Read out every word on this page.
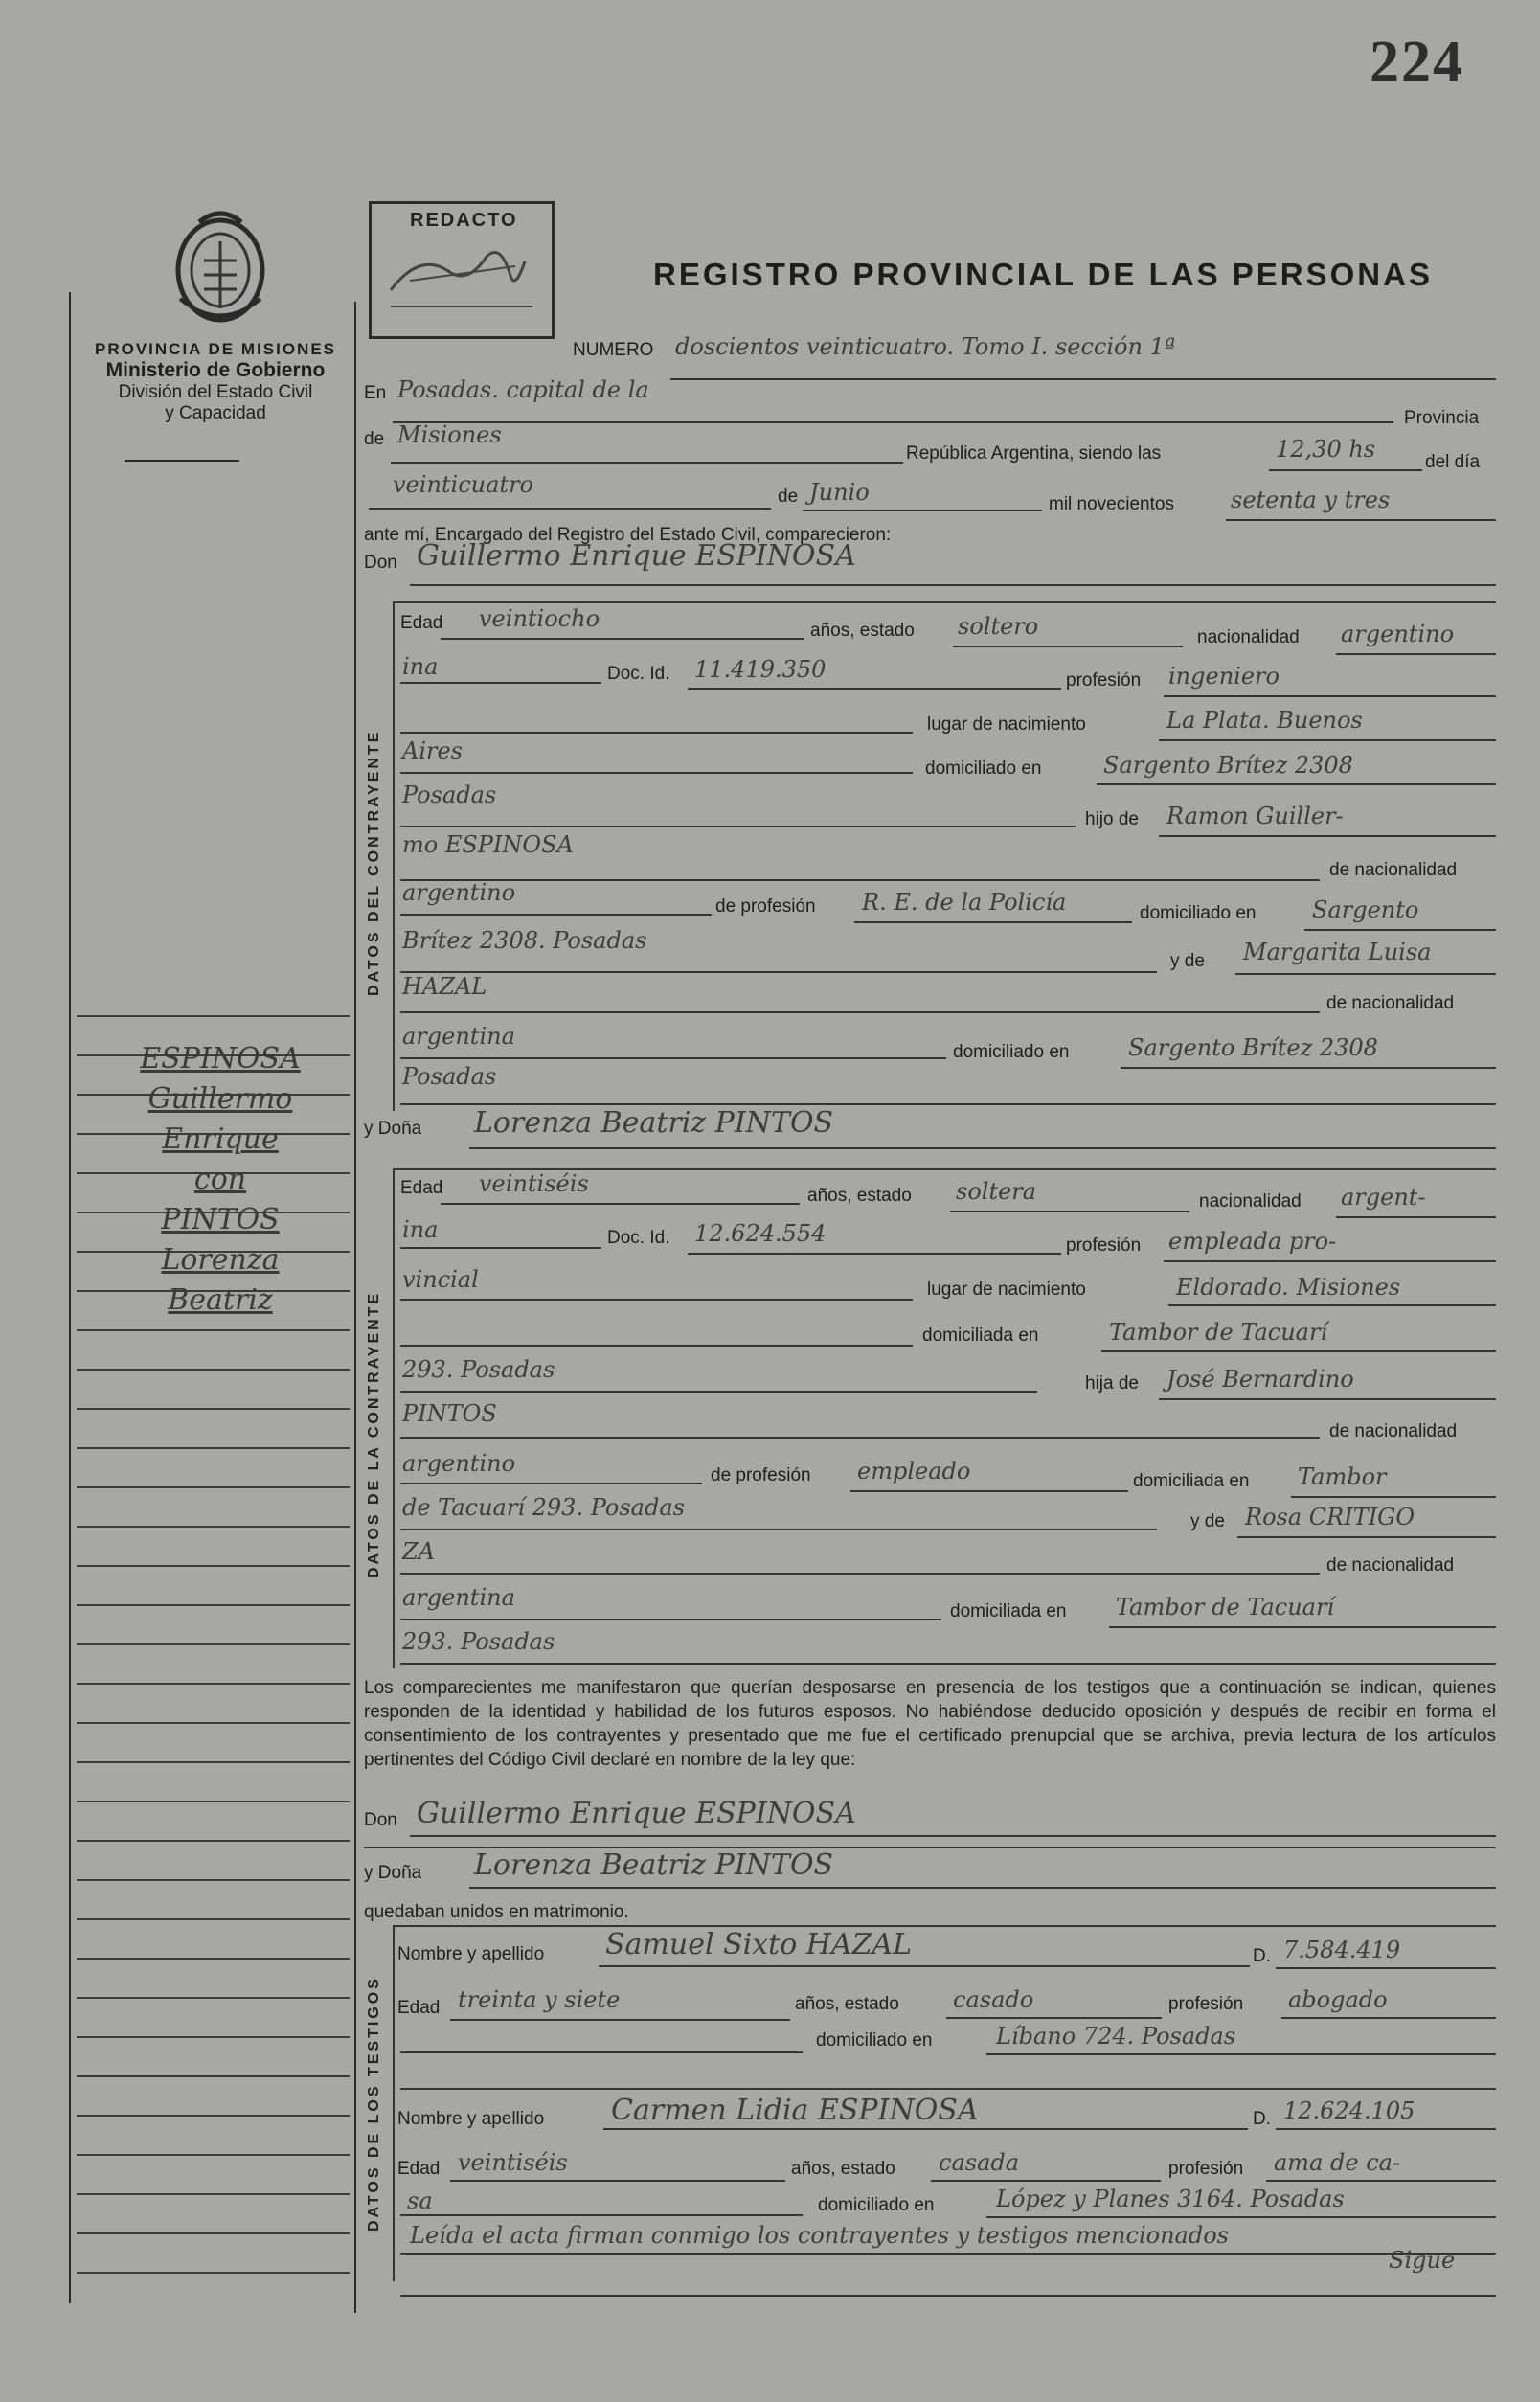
224
PROVINCIA DE MISIONES
Ministerio de Gobierno
División del Estado Civil
y Capacidad
ESPINOSA
Guillermo
Enrique
con
PINTOS
Lorenza
Beatriz
REDACTO
REGISTRO PROVINCIAL DE LAS PERSONAS
NUMERO doscientos veinticuatro. Tomo I. sección 1ª
En Posadas. capital de la
Provincia
de Misiones
República Argentina, siendo las	12,30 hs	del día
veinticuatro	de Junio	mil novecientos setenta y tres
ante mí, Encargado del Registro del Estado Civil, comparecieron:
Don Guillermo Enrique ESPINOSA
DATOS DEL CONTRAYENTE
Edad veintiocho	años, estado soltero	nacionalidad argentino
ina	Doc. Id. 11.419.350	profesión ingeniero
lugar de nacimiento	La Plata. Buenos
Aires
domiciliado en	Sargento Brítez 2308
Posadas
hijo de Ramon Guiller-
mo ESPINOSA
de nacionalidad
argentino
de profesión R. E. de la Policía	domiciliado en Sargento
Brítez 2308. Posadas
y de Margarita Luisa
HAZAL
de nacionalidad
argentina
domiciliado en	Sargento Brítez 2308
Posadas
y Doña Lorenza Beatriz PINTOS
DATOS DE LA CONTRAYENTE
Edad veintiséis	años, estado soltera	nacionalidad argent-
ina	Doc. Id. 12.624.554	profesión empleada pro-
vincial	lugar de nacimiento	Eldorado. Misiones
domiciliada en	Tambor de Tacuarí
293. Posadas
hija de José Bernardino
PINTOS
de nacionalidad
argentino	de profesión empleado	domiciliada en Tambor
de Tacuarí 293. Posadas
y de Rosa CRITIGO
ZA
de nacionalidad
argentina
domiciliada en Tambor de Tacuarí
293. Posadas
Los comparecientes me manifestaron que querían desposarse en presencia de los testigos que a continuación se indican, quienes responden de la identidad y habilidad de los futuros esposos. No habiéndose deducido oposición y después de recibir en forma el consentimiento de los contrayentes y presentado que me fue el certificado prenupcial que se archiva, previa lectura de los artículos pertinentes del Código Civil declaré en nombre de la ley que:
Don Guillermo Enrique ESPINOSA
y Doña Lorenza Beatriz PINTOS
quedaban unidos en matrimonio.
DATOS DE LOS TESTIGOS
Nombre y apellido Samuel Sixto HAZAL	D. 7.584.419
Edad treinta y siete	años, estado casado	profesión abogado
domiciliado en	Líbano 724. Posadas
Nombre y apellido Carmen Lidia ESPINOSA	D. 12.624.105
Edad veintiséis	años, estado casada	profesión ama de ca-
sa	domiciliado en	López y Planes 3164. Posadas
Leída el acta firman conmigo los contrayentes y testigos mencionados
Sigue
